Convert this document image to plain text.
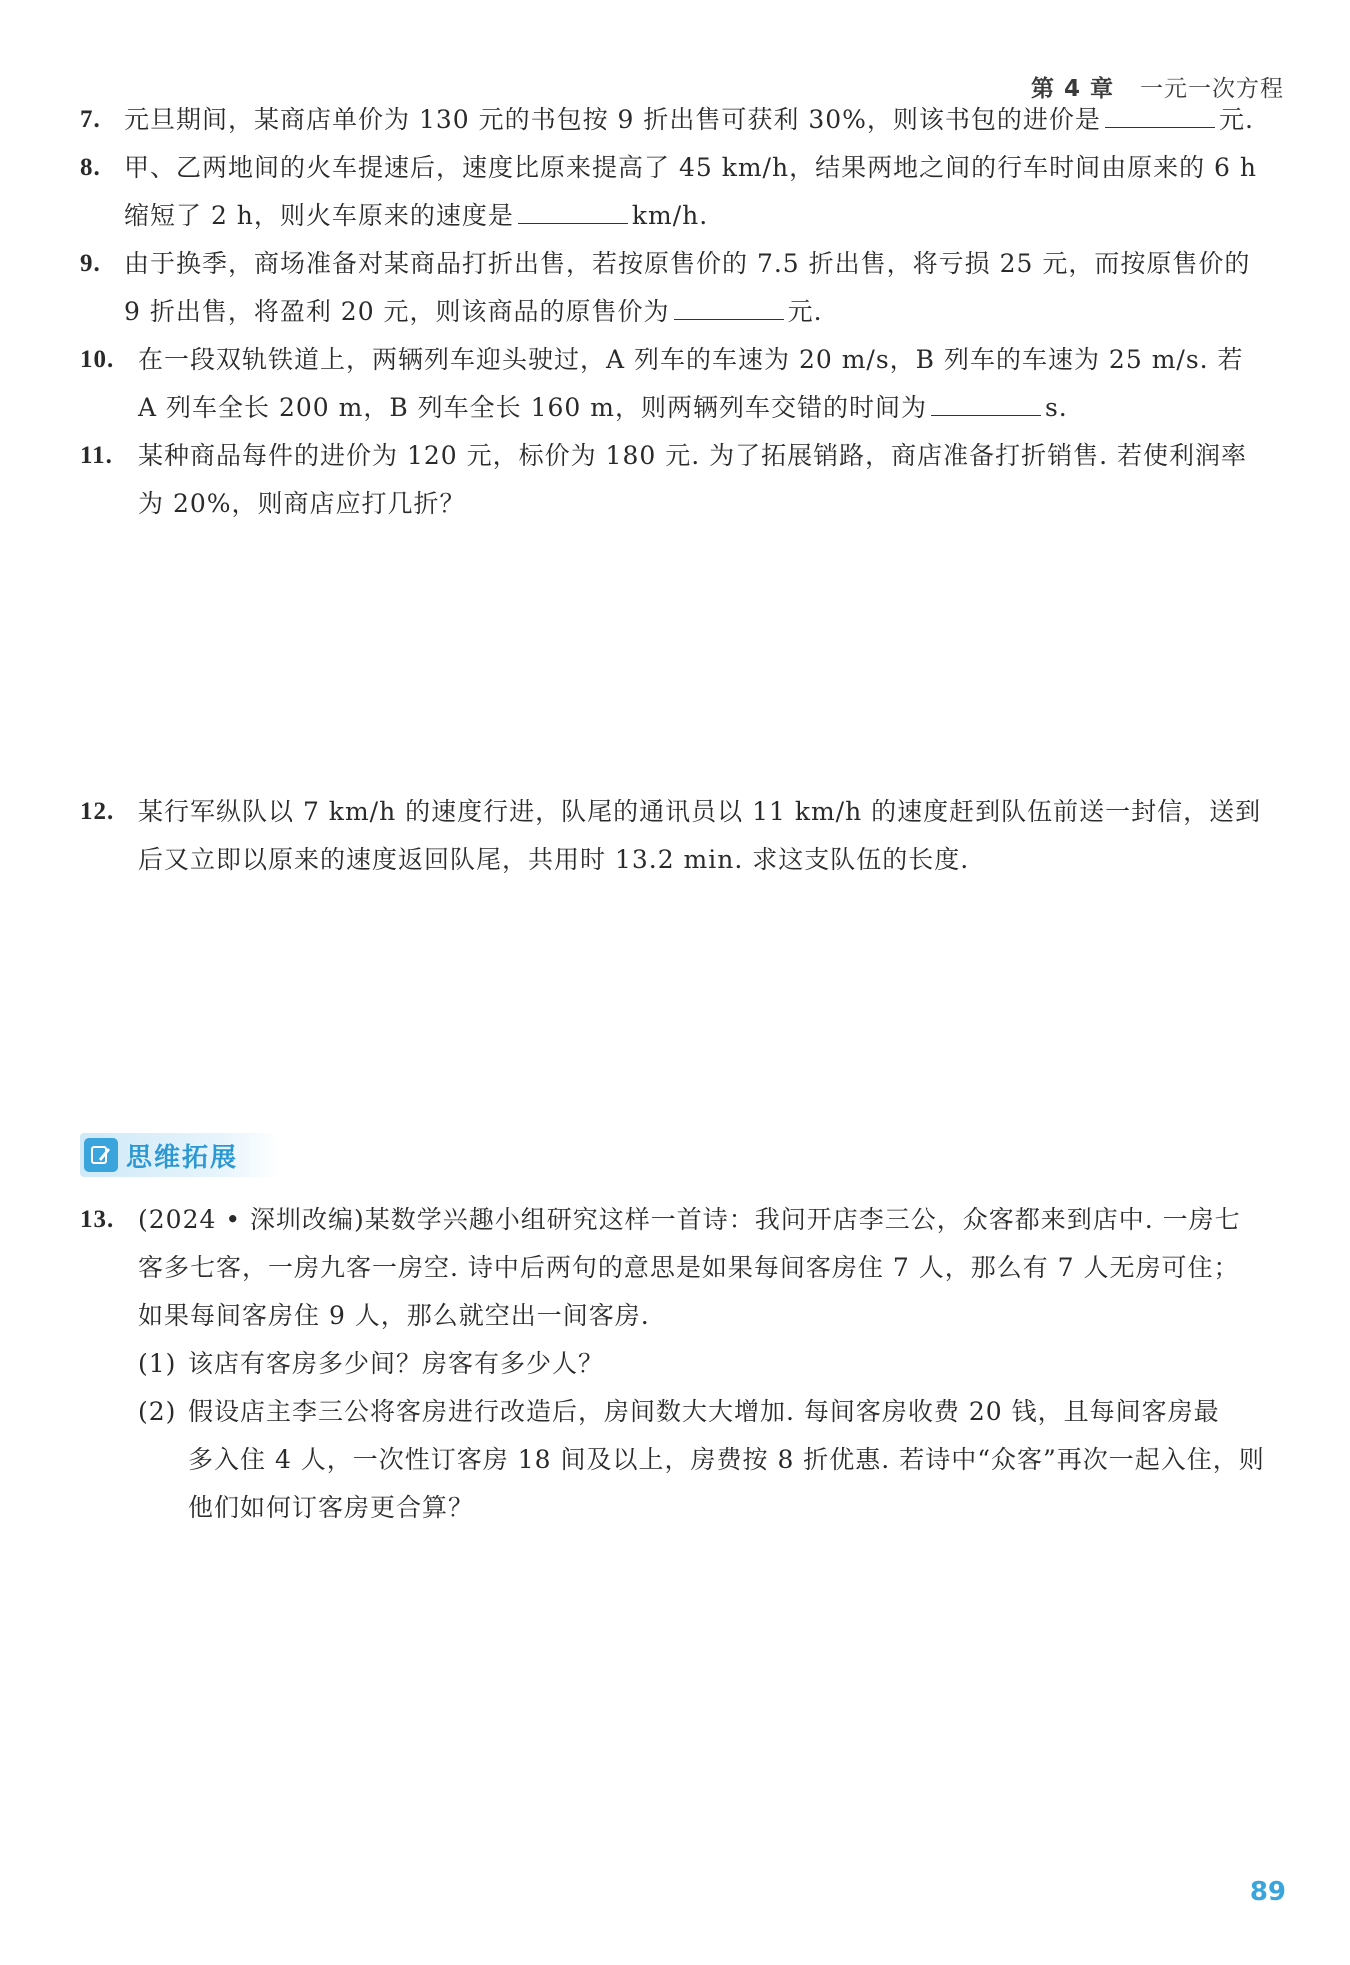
第 4 章 一元一次方程
7. 元旦期间，某商店单价为 130 元的书包按 9 折出售可获利 30%，则该书包的进价是	元.
8. 甲、乙两地间的火车提速后，速度比原来提高了 45 km/h，结果两地之间的行车时间由原来的 6 h
缩短了 2 h，则火车原来的速度是	km/h.
9. 由于换季，商场准备对某商品打折出售，若按原售价的 7.5 折出售，将亏损 25 元，而按原售价的
9 折出售，将盈利 20 元，则该商品的原售价为	元.
10. 在一段双轨铁道上，两辆列车迎头驶过，A 列车的车速为 20 m/s，B 列车的车速为 25 m/s. 若
A 列车全长 200 m，B 列车全长 160 m，则两辆列车交错的时间为	s.
11.	某种商品每件的进价为 120 元，标价为 180 元. 为了拓展销路，商店准备打折销售. 若使利润率
为 20%，则商店应打几折？
12. 某行军纵队以 7 km/h 的速度行进，队尾的通讯员以 11 km/h 的速度赶到队伍前送一封信，送到
后又立即以原来的速度返回队尾，共用时 13.2 min. 求这支队伍的长度.
思维拓展
13. (2024 • 深圳改编)某数学兴趣小组研究这样一首诗：我问开店李三公，众客都来到店中. 一房七
客多七客，一房九客一房空. 诗中后两句的意思是如果每间客房住 7 人，那么有 7 人无房可住；
如果每间客房住 9 人，那么就空出一间客房.
(1) 该店有客房多少间？房客有多少人？
(2) 假设店主李三公将客房进行改造后，房间数大大增加. 每间客房收费 20 钱，且每间客房最
多入住 4 人，一次性订客房 18 间及以上，房费按 8 折优惠. 若诗中“众客”再次一起入住，则
他们如何订客房更合算？
89
